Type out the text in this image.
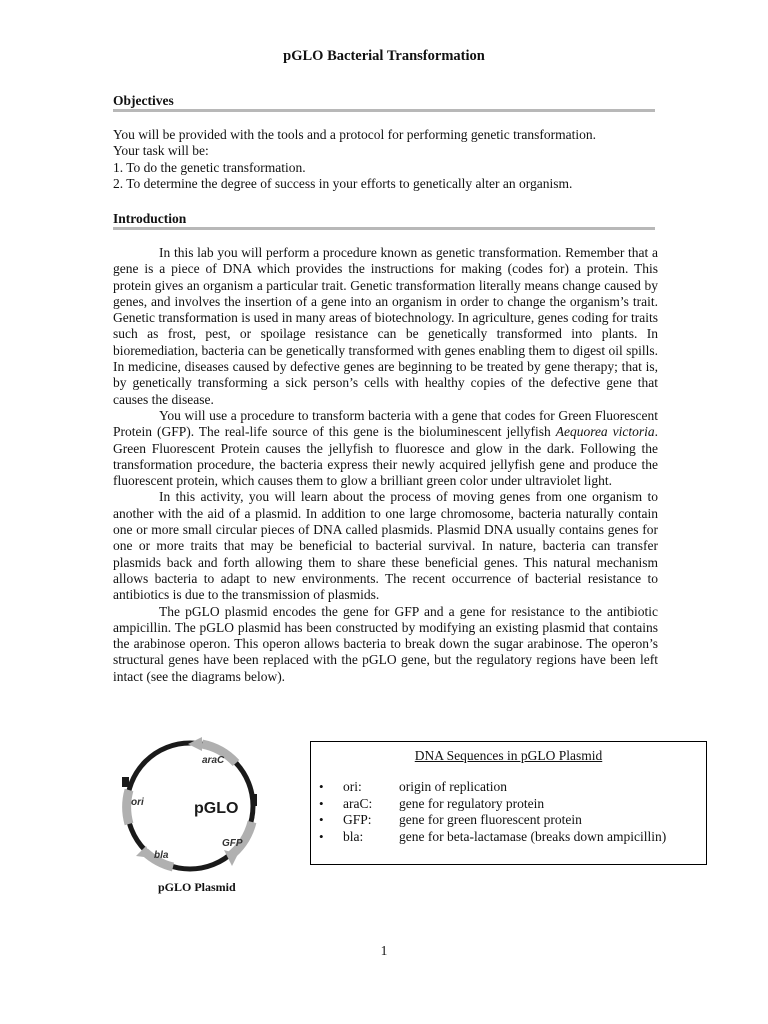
pGLO Bacterial Transformation
Objectives
You will be provided with the tools and a protocol for performing genetic transformation.
Your task will be:
1. To do the genetic transformation.
2. To determine the degree of success in your efforts to genetically alter an organism.
Introduction

In this lab you will perform a procedure known as genetic transformation. Remember that a gene is a piece of DNA which provides the instructions for making (codes for) a protein. This protein gives an organism a particular trait. Genetic transformation literally means change caused by genes, and involves the insertion of a gene into an organism in order to change the organism’s trait. Genetic transformation is used in many areas of biotechnology. In agriculture, genes coding for traits such as frost, pest, or spoilage resistance can be genetically transformed into plants. In bioremediation, bacteria can be genetically transformed with genes enabling them to digest oil spills. In medicine, diseases caused by defective genes are beginning to be treated by gene therapy; that is, by genetically transforming a sick person’s cells with healthy copies of the defective gene that causes the disease.

You will use a procedure to transform bacteria with a gene that codes for Green Fluorescent Protein (GFP). The real-life source of this gene is the bioluminescent jellyfish Aequorea victoria. Green Fluorescent Protein causes the jellyfish to fluoresce and glow in the dark. Following the transformation procedure, the bacteria express their newly acquired jellyfish gene and produce the fluorescent protein, which causes them to glow a brilliant green color under ultraviolet light.

In this activity, you will learn about the process of moving genes from one organism to another with the aid of a plasmid. In addition to one large chromosome, bacteria naturally contain one or more small circular pieces of DNA called plasmids. Plasmid DNA usually contains genes for one or more traits that may be beneficial to bacterial survival. In nature, bacteria can transfer plasmids back and forth allowing them to share these beneficial genes. This natural mechanism allows bacteria to adapt to new environments. The recent occurrence of bacterial resistance to antibiotics is due to the transmission of plasmids.

The pGLO plasmid encodes the gene for GFP and a gene for resistance to the antibiotic ampicillin. The pGLO plasmid has been constructed by modifying an existing plasmid that contains the arabinose operon. This operon allows bacteria to break down the sugar arabinose. The operon’s structural genes have been replaced with the pGLO gene, but the regulatory regions have been left intact (see the diagrams below).

pGLO
araC
ori
GFP
bla
pGLO Plasmid
DNA Sequences in pGLO Plasmid
• ori:	origin of replication
• araC: gene for regulatory protein
• GFP: gene for green fluorescent protein
• bla:	gene for beta-lactamase (breaks down ampicillin)
1
